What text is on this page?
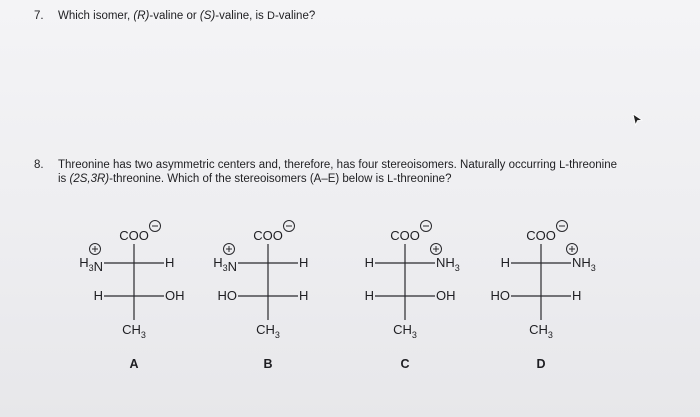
7. Which isomer, (R)-valine or (S)-valine, is D-valine?
8. Threonine has two asymmetric centers and, therefore, has four stereoisomers. Naturally occurring L-threonine
is (2S,3R)-threonine. Which of the stereoisomers (A–E) below is L-threonine?
COO
$H_3N$	H
H	OH
$CH_3$
A
COO
$H_3N$	H
HO	H
$CH_3$
B
COO
H	$NH_3$
H	OH
$CH_3$
C
COO
H	$NH_3$
HO	H
$CH_3$
D
